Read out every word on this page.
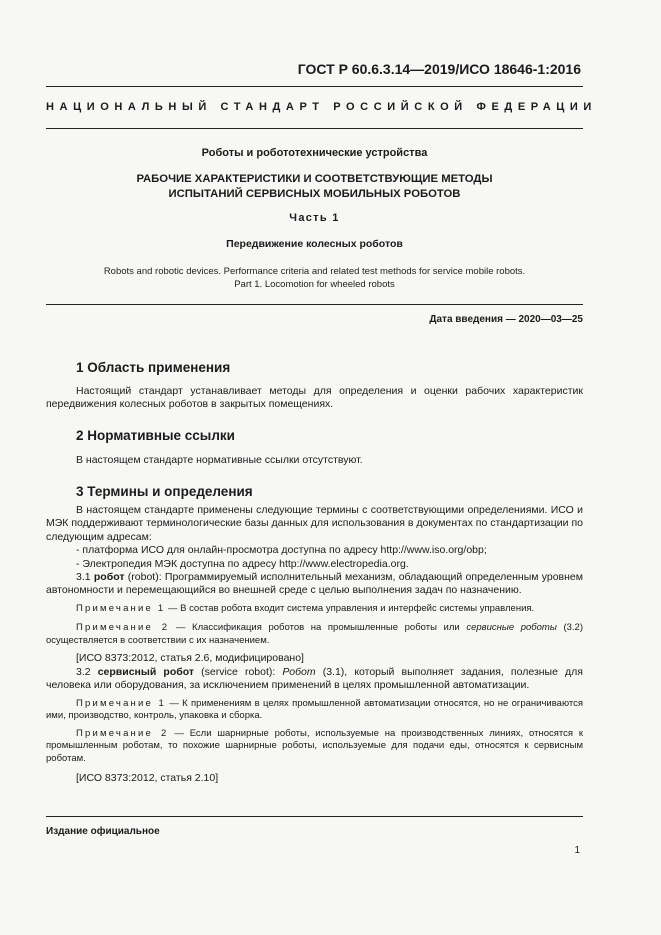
ГОСТ Р 60.6.3.14—2019/ИСО 18646-1:2016
НАЦИОНАЛЬНЫЙ СТАНДАРТ РОССИЙСКОЙ ФЕДЕРАЦИИ
Роботы и робототехнические устройства
РАБОЧИЕ ХАРАКТЕРИСТИКИ И СООТВЕТСТВУЮЩИЕ МЕТОДЫ
ИСПЫТАНИЙ СЕРВИСНЫХ МОБИЛЬНЫХ РОБОТОВ
Часть 1
Передвижение колесных роботов
Robots and robotic devices. Performance criteria and related test methods for service mobile robots.
Part 1. Locomotion for wheeled robots
Дата введения — 2020—03—25
1 Область применения

Настоящий стандарт устанавливает методы для определения и оценки рабочих характеристик передвижения колесных роботов в закрытых помещениях.

2 Нормативные ссылки

В настоящем стандарте нормативные ссылки отсутствуют.

3 Термины и определения

В настоящем стандарте применены следующие термины с соответствующими определениями. ИСО и МЭК поддерживают терминологические базы данных для использования в документах по стандартизации по следующим адресам:

- платформа ИСО для онлайн-просмотра доступна по адресу http://www.iso.org/obp;

- Электропедия МЭК доступна по адресу http://www.electropedia.org.

3.1 робот (robot): Программируемый исполнительный механизм, обладающий определенным уровнем автономности и перемещающийся во внешней среде с целью выполнения задач по назначению.

Примечание 1 — В состав робота входит система управления и интерфейс системы управления.

Примечание 2 — Классификация роботов на промышленные роботы или сервисные роботы (3.2) осуществляется в соответствии с их назначением.

[ИСО 8373:2012, статья 2.6, модифицировано]

3.2 сервисный робот (service robot): Робот (3.1), который выполняет задания, полезные для человека или оборудования, за исключением применений в целях промышленной автоматизации.

Примечание 1 — К применениям в целях промышленной автоматизации относятся, но не ограничиваются ими, производство, контроль, упаковка и сборка.

Примечание 2 — Если шарнирные роботы, используемые на производственных линиях, относятся к промышленным роботам, то похожие шарнирные роботы, используемые для подачи еды, относятся к сервисным роботам.

[ИСО 8373:2012, статья 2.10]

Издание официальное
1
